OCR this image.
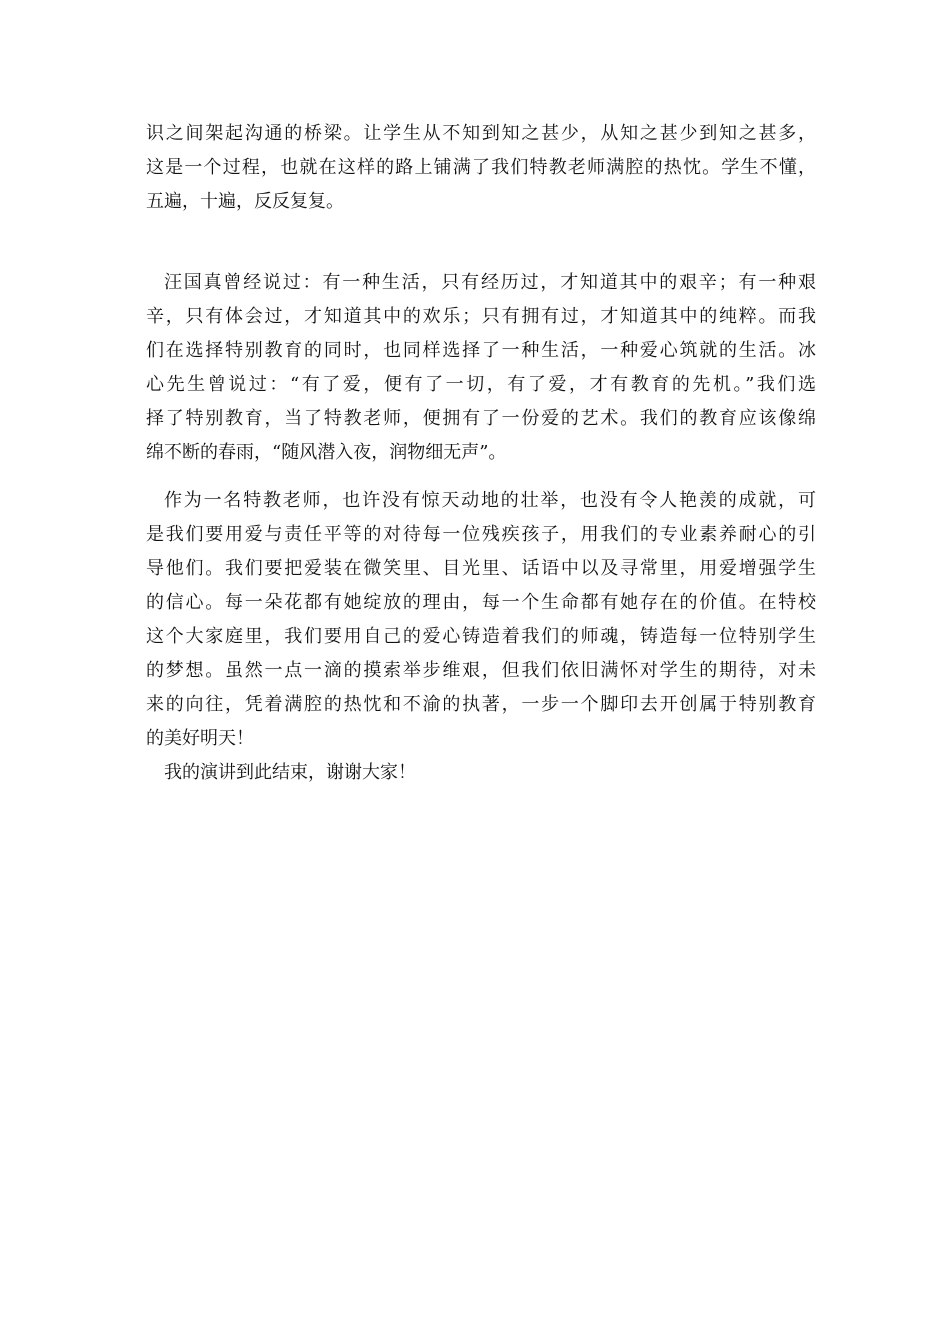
识之间架起沟通的桥梁。让学生从不知到知之甚少，从知之甚少到知之甚多，
这是一个过程，也就在这样的路上铺满了我们特教老师满腔的热忱。学生不懂，
五遍，十遍，反反复复。
汪国真曾经说过：有一种生活，只有经历过，才知道其中的艰辛；有一种艰
辛，只有体会过，才知道其中的欢乐；只有拥有过，才知道其中的纯粹。而我
们在选择特别教育的同时，也同样选择了一种生活，一种爱心筑就的生活。冰
心先生曾说过：“有了爱，便有了一切，有了爱，才有教育的先机。”我们选
择了特别教育，当了特教老师，便拥有了一份爱的艺术。我们的教育应该像绵
绵不断的春雨，“随风潜入夜，润物细无声”。
作为一名特教老师，也许没有惊天动地的壮举，也没有令人艳羡的成就，可
是我们要用爱与责任平等的对待每一位残疾孩子，用我们的专业素养耐心的引
导他们。我们要把爱装在微笑里、目光里、话语中以及寻常里，用爱增强学生
的信心。每一朵花都有她绽放的理由，每一个生命都有她存在的价值。在特校
这个大家庭里，我们要用自己的爱心铸造着我们的师魂，铸造每一位特别学生
的梦想。虽然一点一滴的摸索举步维艰，但我们依旧满怀对学生的期待，对未
来的向往，凭着满腔的热忱和不渝的执著，一步一个脚印去开创属于特别教育
的美好明天！
我的演讲到此结束，谢谢大家！
